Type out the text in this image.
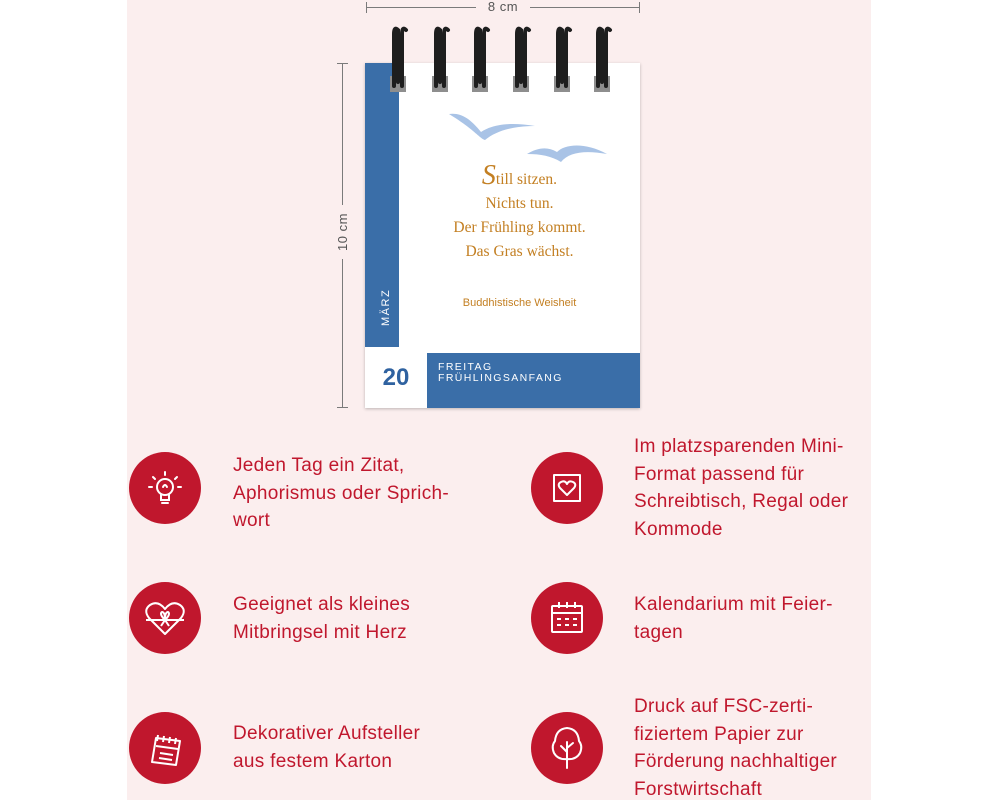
8 cm
10 cm
MÄRZ
Still sitzen.
Nichts tun.
Der Frühling kommt.
Das Gras wächst.
Buddhistische Weisheit
20	FREITAG
FRÜHLINGSANFANG
Jeden Tag ein Zitat,
Aphorismus oder Sprich-
wort
Im platzsparenden Mini-
Format passend für
Schreibtisch, Regal oder
Kommode
Geeignet als kleines
Mitbringsel mit Herz
Kalendarium mit Feier-
tagen
Dekorativer Aufsteller
aus festem Karton
Druck auf FSC-zerti-
fiziertem Papier zur
Förderung nachhaltiger
Forstwirtschaft
